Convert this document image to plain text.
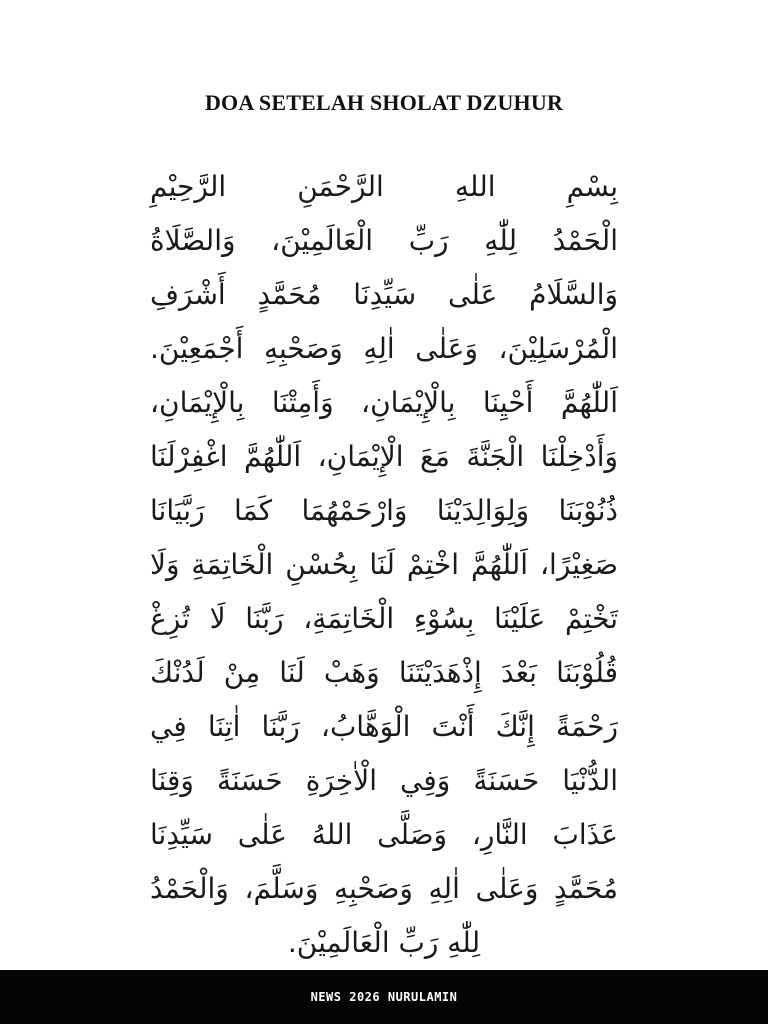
DOA SETELAH SHOLAT DZUHUR
بِسْمِ اللهِ الرَّحْمَنِ الرَّحِيْمِ
الْحَمْدُ لِلّٰهِ رَبِّ الْعَالَمِيْنَ، وَالصَّلَاةُ
وَالسَّلَامُ عَلٰى سَيِّدِنَا مُحَمَّدٍ أَشْرَفِ
الْمُرْسَلِيْنَ، وَعَلٰى اٰلِهِ وَصَحْبِهِ أَجْمَعِيْنَ.
اَللّٰهُمَّ أَحْيِنَا بِالْإِيْمَانِ، وَأَمِتْنَا بِالْإِيْمَانِ،
وَأَدْخِلْنَا الْجَنَّةَ مَعَ الْإِيْمَانِ، اَللّٰهُمَّ اغْفِرْلَنَا
ذُنُوْبَنَا وَلِوَالِدَيْنَا وَارْحَمْهُمَا كَمَا رَبَّيَانَا
صَغِيْرًا، اَللّٰهُمَّ اخْتِمْ لَنَا بِحُسْنِ الْخَاتِمَةِ وَلَا
تَخْتِمْ عَلَيْنَا بِسُوْءِ الْخَاتِمَةِ، رَبَّنَا لَا تُزِغْ
قُلُوْبَنَا بَعْدَ إِذْهَدَيْتَنَا وَهَبْ لَنَا مِنْ لَدُنْكَ
رَحْمَةً إِنَّكَ أَنْتَ الْوَهَّابُ، رَبَّنَا اٰتِنَا فِي
الدُّنْيَا حَسَنَةً وَفِي الْاٰخِرَةِ حَسَنَةً وَقِنَا
عَذَابَ النَّارِ، وَصَلَّى اللهُ عَلٰى سَيِّدِنَا
مُحَمَّدٍ وَعَلٰى اٰلِهِ وَصَحْبِهِ وَسَلَّمَ، وَالْحَمْدُ
لِلّٰهِ رَبِّ الْعَالَمِيْنَ.
NEWS 2026 NURULAMIN
